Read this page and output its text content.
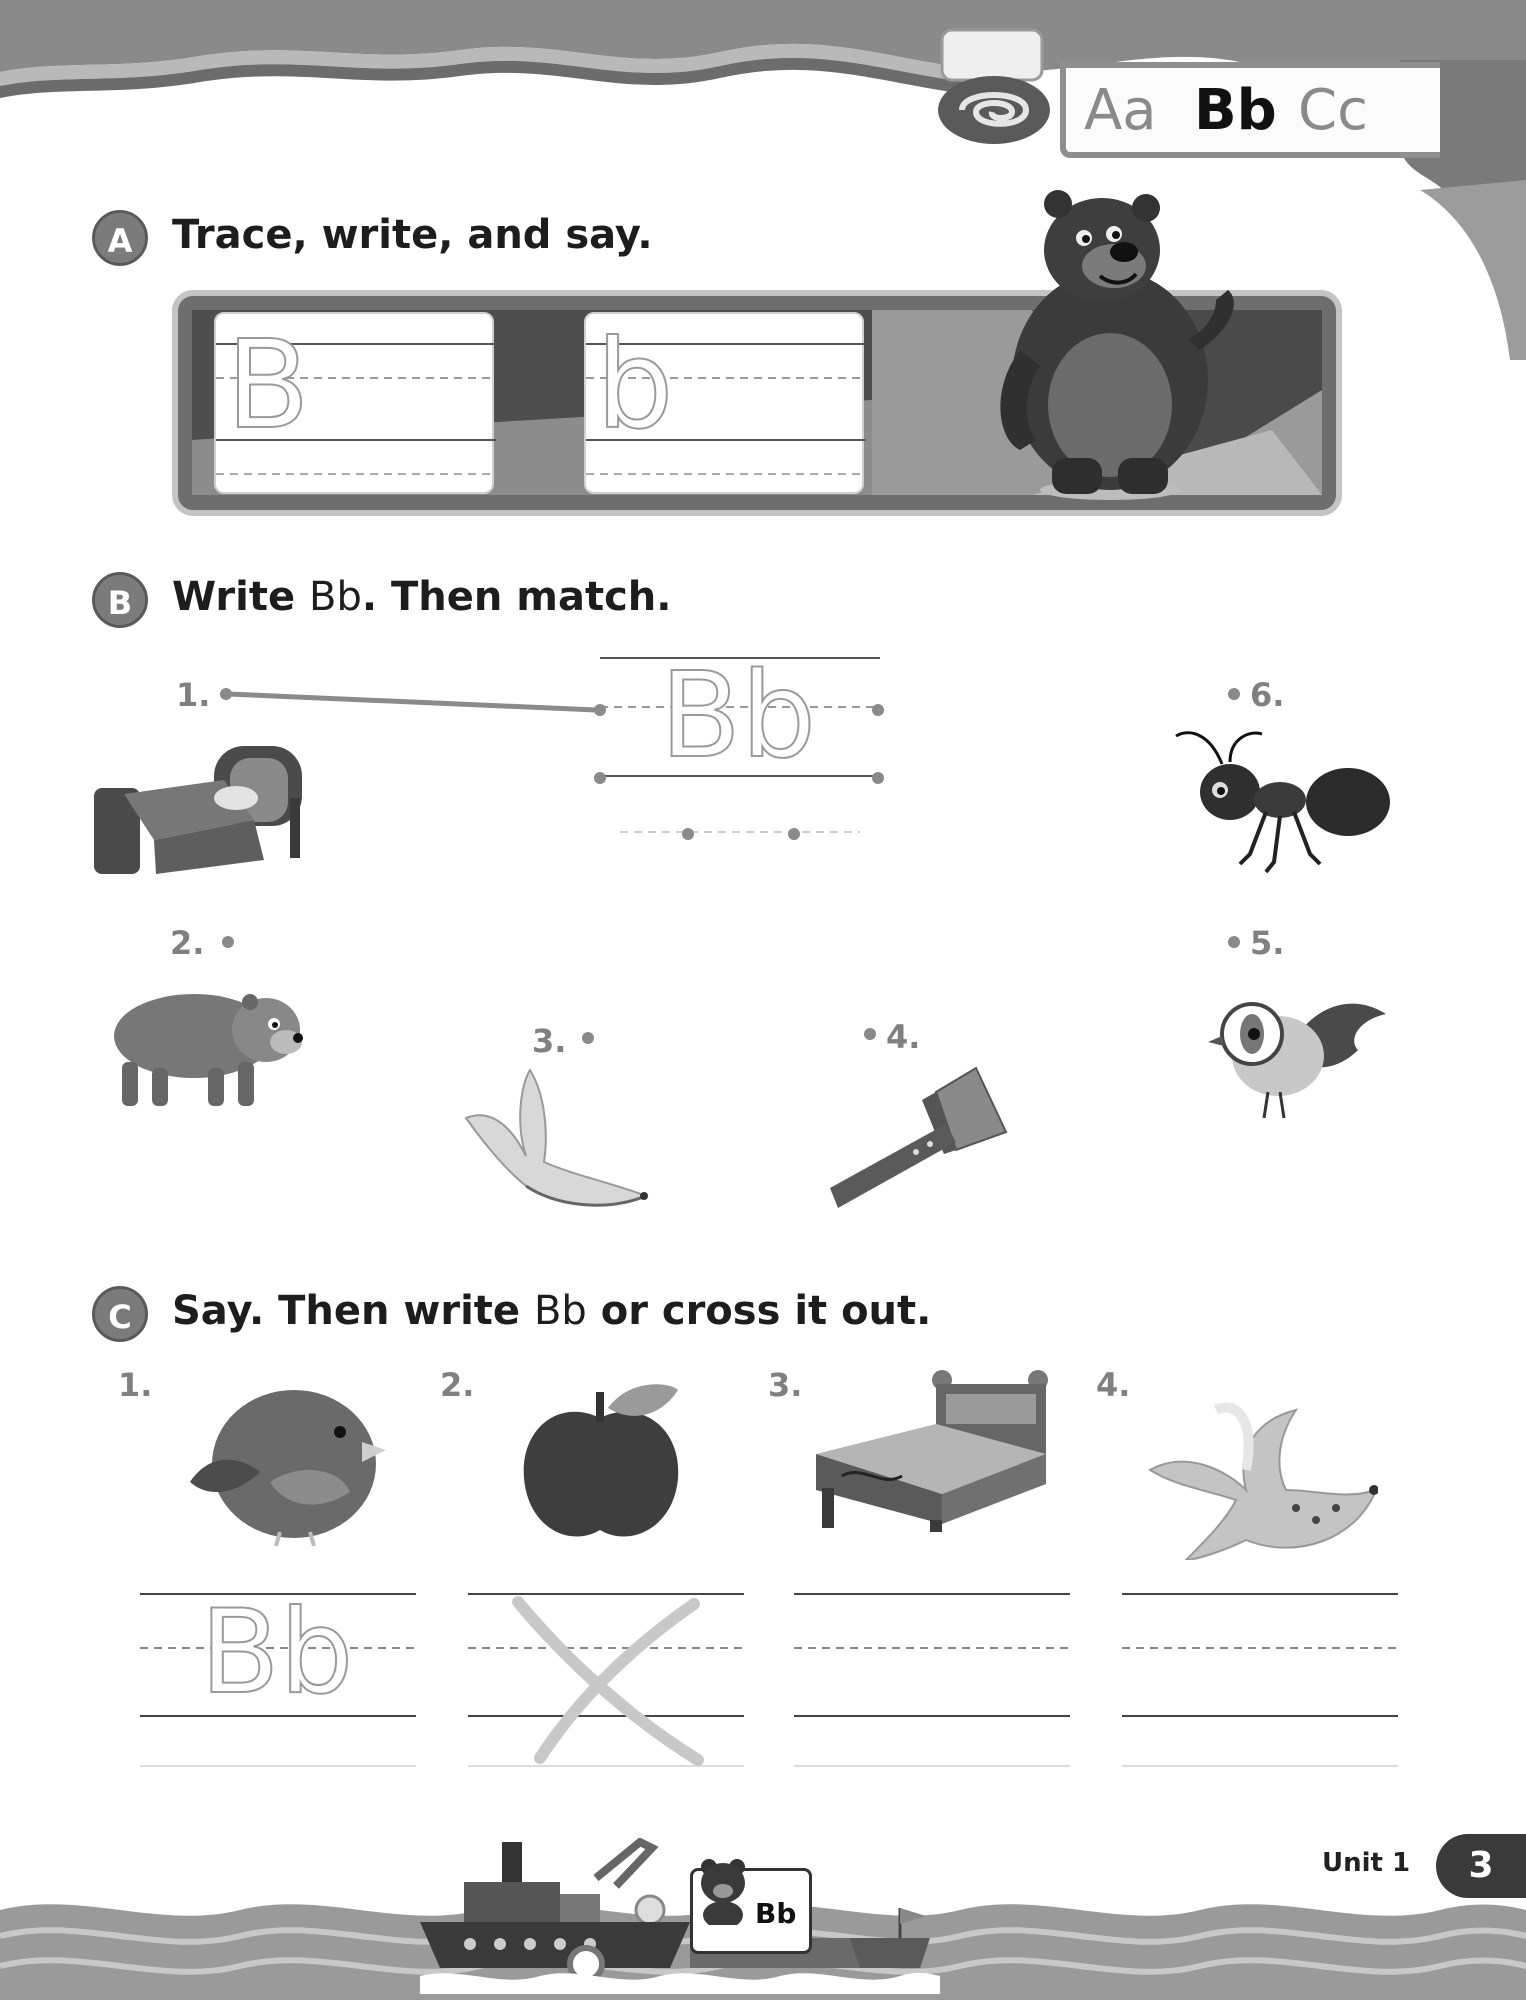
Aa Bb Cc
A Trace, write, and say.
B b
B Write Bb. Then match.
Bb
1.
2.
3.	4.
5.
6.
C	Say. Then write Bb or cross it out.
1.	2.	3.	4.
Bb
Bb
Unit 1	3
